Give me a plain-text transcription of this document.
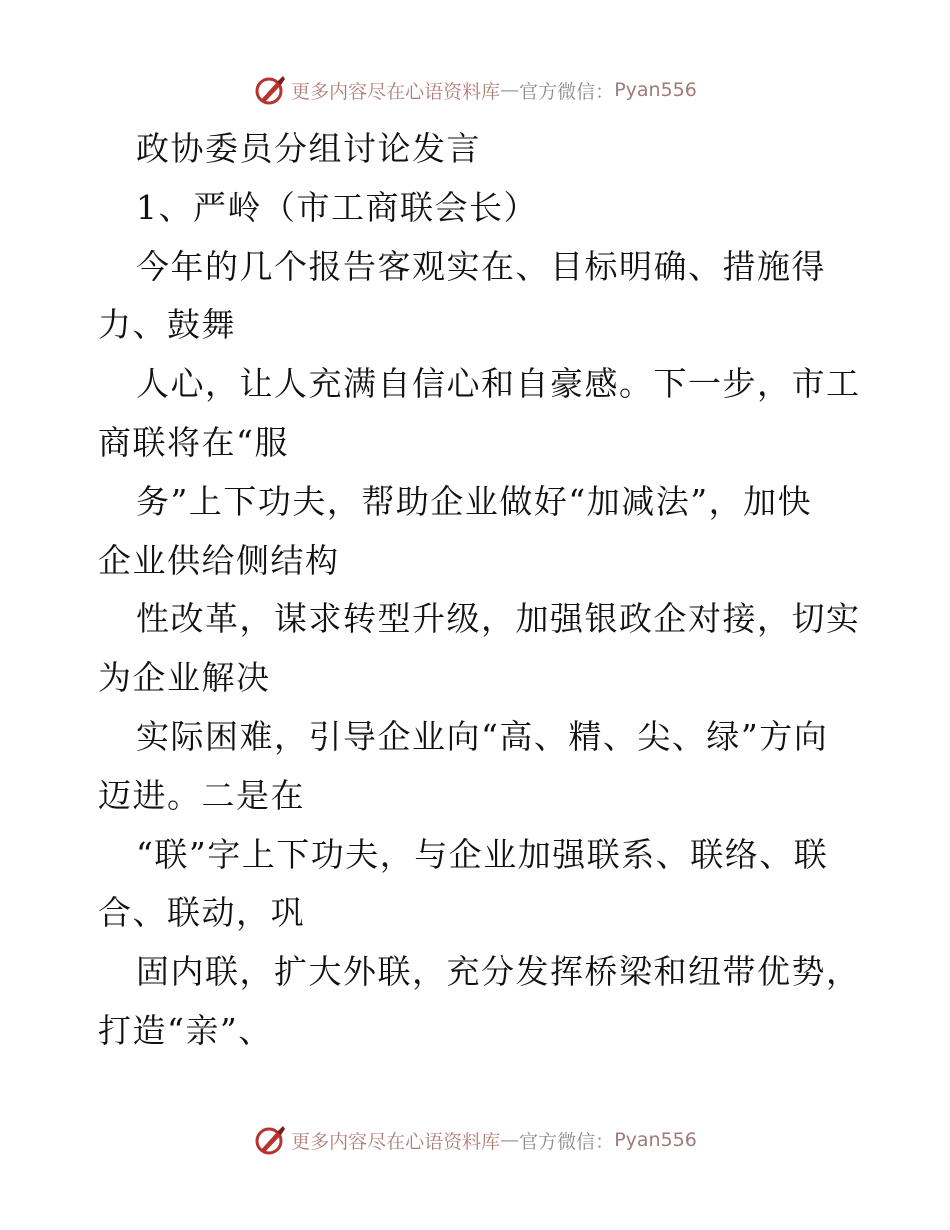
更多内容尽在心语资料库 — 官方微信： Pyan556
政协委员分组讨论发言
1、严岭（市工商联会长）
今年的几个报告客观实在、目标明确、措施得
力、鼓舞
人心，让人充满自信心和自豪感。下一步，市工
商联将在“服
务”上下功夫，帮助企业做好“加减法”，加快
企业供给侧结构
性改革，谋求转型升级，加强银政企对接，切实
为企业解决
实际困难，引导企业向“高、精、尖、绿”方向
迈进。二是在
“联”字上下功夫，与企业加强联系、联络、联
合、联动，巩
固内联，扩大外联，充分发挥桥梁和纽带优势，
打造“亲”、
更多内容尽在心语资料库 — 官方微信： Pyan556
